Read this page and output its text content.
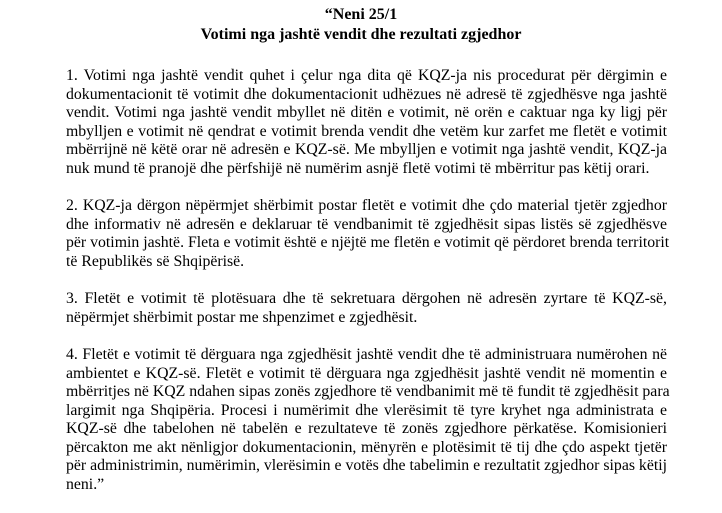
“Neni 25/1
Votimi nga jashtë vendit dhe rezultati zgjedhor

1. Votimi nga jashtë vendit quhet i çelur nga dita që KQZ-ja nis procedurat për dërgimin e
dokumentacionit të votimit dhe dokumentacionit udhëzues në adresë të zgjedhësve nga jashtë
vendit. Votimi nga jashtë vendit mbyllet në ditën e votimit, në orën e caktuar nga ky ligj për
mbylljen e votimit në qendrat e votimit brenda vendit dhe vetëm kur zarfet me fletët e votimit
mbërrijnë në këtë orar në adresën e KQZ-së. Me mbylljen e votimit nga jashtë vendit, KQZ-ja
nuk mund të pranojë dhe përfshijë në numërim asnjë fletë votimi të mbërritur pas këtij orari.

2. KQZ-ja dërgon nëpërmjet shërbimit postar fletët e votimit dhe çdo material tjetër zgjedhor
dhe informativ në adresën e deklaruar të vendbanimit të zgjedhësit sipas listës së zgjedhësve
për votimin jashtë. Fleta e votimit është e njëjtë me fletën e votimit që përdoret brenda territorit
të Republikës së Shqipërisë.

3. Fletët e votimit të plotësuara dhe të sekretuara dërgohen në adresën zyrtare të KQZ-së,
nëpërmjet shërbimit postar me shpenzimet e zgjedhësit.

4. Fletët e votimit të dërguara nga zgjedhësit jashtë vendit dhe të administruara numërohen në
ambientet e KQZ-së. Fletët e votimit të dërguara nga zgjedhësit jashtë vendit në momentin e
mbërritjes në KQZ ndahen sipas zonës zgjedhore të vendbanimit më të fundit të zgjedhësit para
largimit nga Shqipëria. Procesi i numërimit dhe vlerësimit të tyre kryhet nga administrata e
KQZ-së dhe tabelohen në tabelën e rezultateve të zonës zgjedhore përkatëse. Komisionieri
përcakton me akt nënligjor dokumentacionin, mënyrën e plotësimit të tij dhe çdo aspekt tjetër
për administrimin, numërimin, vlerësimin e votës dhe tabelimin e rezultatit zgjedhor sipas këtij
neni.”
